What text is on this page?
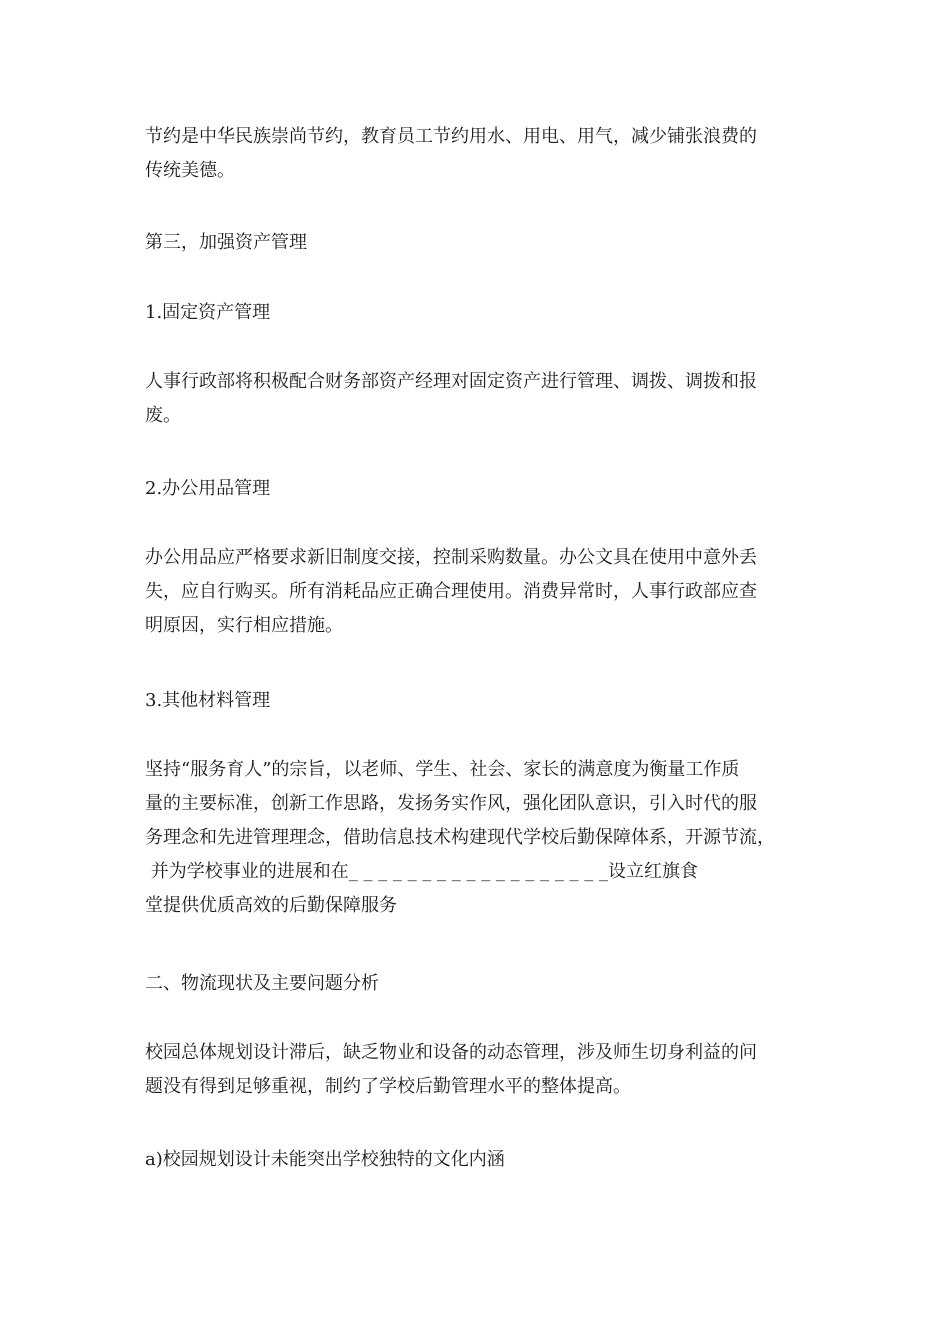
节约是中华民族崇尚节约，教育员工节约用水、用电、用气，减少铺张浪费的
传统美德。

第三，加强资产管理

1.固定资产管理

人事行政部将积极配合财务部资产经理对固定资产进行管理、调拨、调拨和报
废。

2.办公用品管理

办公用品应严格要求新旧制度交接，控制采购数量。办公文具在使用中意外丢
失，应自行购买。所有消耗品应正确合理使用。消费异常时，人事行政部应查
明原因，实行相应措施。

3.其他材料管理

坚持“服务育人”的宗旨，以老师、学生、社会、家长的满意度为衡量工作质
量的主要标准，创新工作思路，发扬务实作风，强化团队意识，引入时代的服
务理念和先进管理理念，借助信息技术构建现代学校后勤保障体系，开源节流，
并为学校事业的进展和在_ _ _ _ _ _ _ _ _ _ _ _ _ _ _ _ _ _设立红旗食
堂提供优质高效的后勤保障服务

二、物流现状及主要问题分析

校园总体规划设计滞后，缺乏物业和设备的动态管理，涉及师生切身利益的问
题没有得到足够重视，制约了学校后勤管理水平的整体提高。

a)校园规划设计未能突出学校独特的文化内涵
